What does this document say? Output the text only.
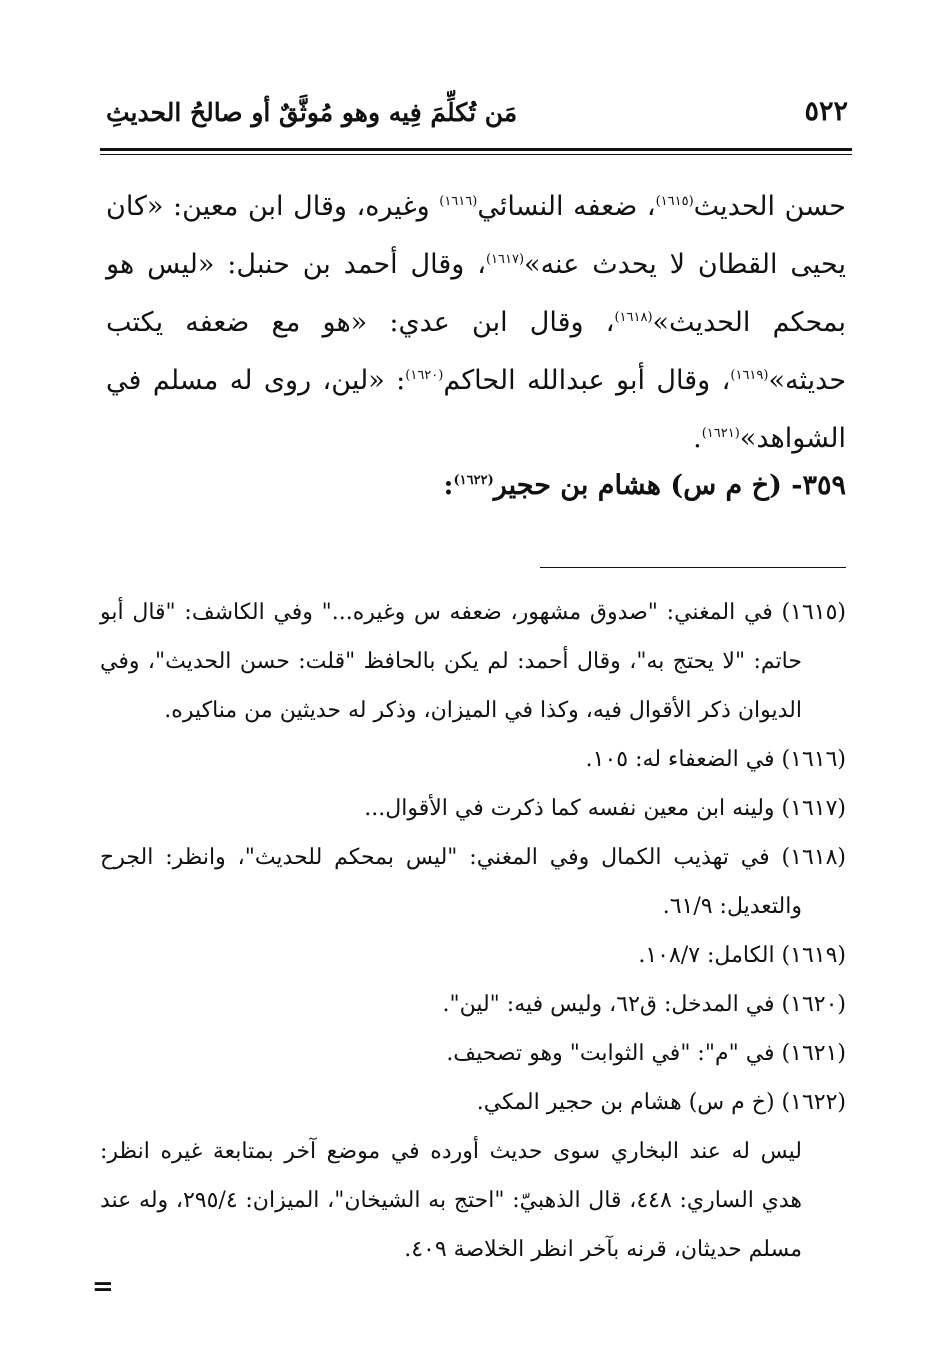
٥٢٢
مَن تُكلِّمَ فِيه وهو مُوثَّقٌ أو صالحُ الحديثِ

حسن الحديث$^{(١٦١٥)}$، ضعفه النسائي$^{(١٦١٦)}$ وغيره، وقال ابن معين: «كان يحيى القطان لا يحدث عنه»$^{(١٦١٧)}$، وقال أحمد بن حنبل: «ليس هو بمحكم الحديث»$^{(١٦١٨)}$، وقال ابن عدي: «هو مع ضعفه يكتب حديثه»$^{(١٦١٩)}$، وقال أبو عبدالله الحاكم$^{(١٦٢٠)}$: «لين، روى له مسلم في الشواهد»$^{(١٦٢١)}$.

٣٥٩- (خ م س) هشام بن حجير$^{(١٦٢٢)}$:

(١٦١٥) في المغني: "صدوق مشهور، ضعفه س وغيره..." وفي الكاشف: "قال أبو حاتم: "لا يحتج به"، وقال أحمد: لم يكن بالحافظ "قلت: حسن الحديث"، وفي الديوان ذكر الأقوال فيه، وكذا في الميزان، وذكر له حديثين من مناكيره.

(١٦١٦) في الضعفاء له: ١٠٥.

(١٦١٧) ولينه ابن معين نفسه كما ذكرت في الأقوال...

(١٦١٨) في تهذيب الكمال وفي المغني: "ليس بمحكم للحديث"، وانظر: الجرح والتعديل: ٦١/٩.

(١٦١٩) الكامل: ١٠٨/٧.

(١٦٢٠) في المدخل: ق٦٢، وليس فيه: "لين".

(١٦٢١) في "م": "في الثوابت" وهو تصحيف.

(١٦٢٢) (خ م س) هشام بن حجير المكي.

ليس له عند البخاري سوى حديث أورده في موضع آخر بمتابعة غيره انظر: هدي الساري: ٤٤٨، قال الذهبيّ: "احتج به الشيخان"، الميزان: ٢٩٥/٤، وله عند مسلم حديثان، قرنه بآخر انظر الخلاصة ٤٠٩.

=
